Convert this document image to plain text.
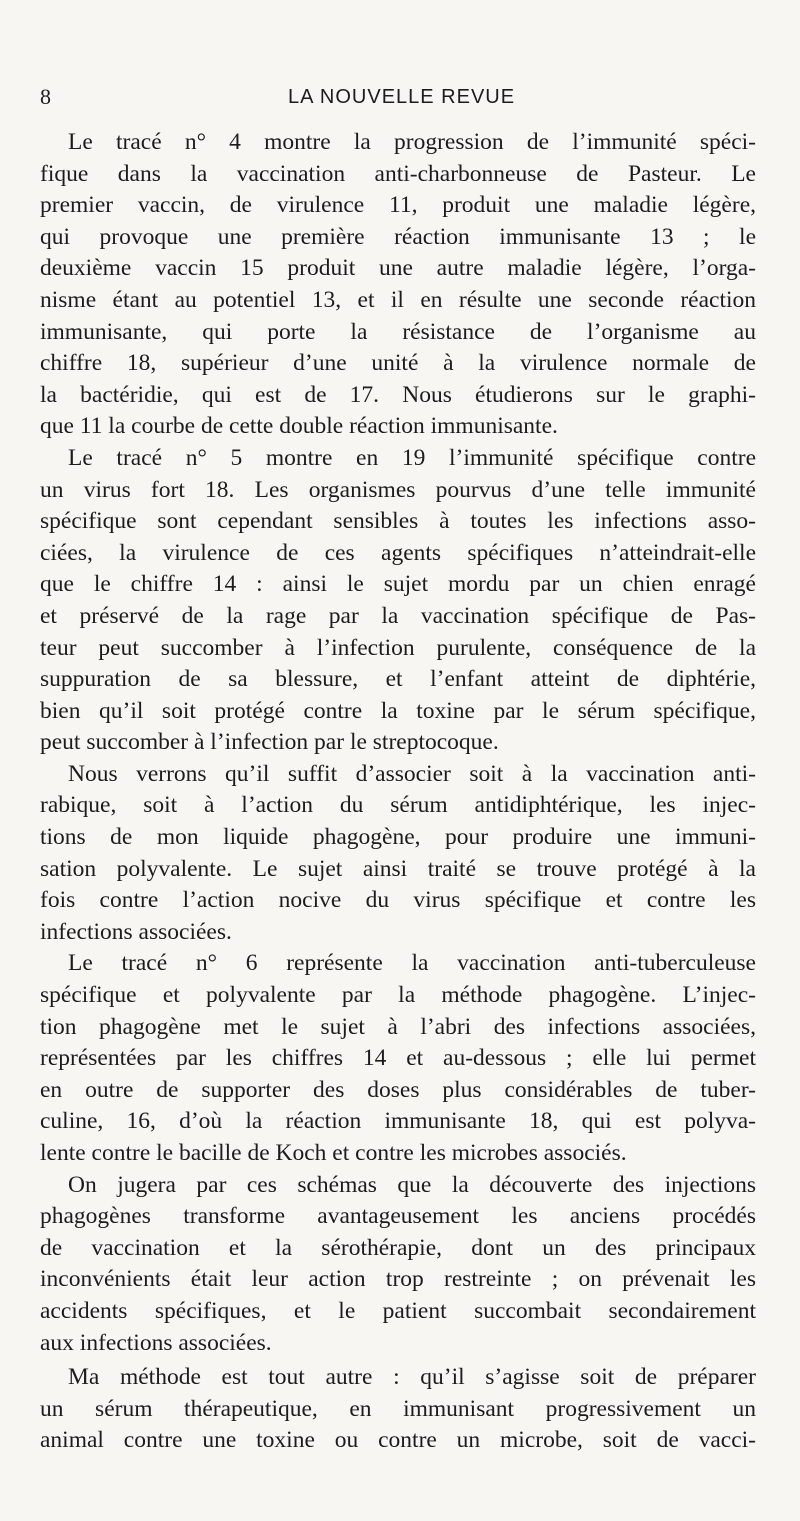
8	LA NOUVELLE REVUE
Le tracé n° 4 montre la progression de l’immunité spéci-
fique dans la vaccination anti-charbonneuse de Pasteur. Le
premier vaccin, de virulence 11, produit une maladie légère,
qui provoque une première réaction immunisante 13 ; le
deuxième vaccin 15 produit une autre maladie légère, l’orga-
nisme étant au potentiel 13, et il en résulte une seconde réaction
immunisante, qui porte la résistance de l’organisme au
chiffre 18, supérieur d’une unité à la virulence normale de
la bactéridie, qui est de 17. Nous étudierons sur le graphi-
que 11 la courbe de cette double réaction immunisante.
Le tracé n° 5 montre en 19 l’immunité spécifique contre
un virus fort 18. Les organismes pourvus d’une telle immunité
spécifique sont cependant sensibles à toutes les infections asso-
ciées, la virulence de ces agents spécifiques n’atteindrait-elle
que le chiffre 14 : ainsi le sujet mordu par un chien enragé
et préservé de la rage par la vaccination spécifique de Pas-
teur peut succomber à l’infection purulente, conséquence de la
suppuration de sa blessure, et l’enfant atteint de diphtérie,
bien qu’il soit protégé contre la toxine par le sérum spécifique,
peut succomber à l’infection par le streptocoque.
Nous verrons qu’il suffit d’associer soit à la vaccination anti-
rabique, soit à l’action du sérum antidiphtérique, les injec-
tions de mon liquide phagogène, pour produire une immuni-
sation polyvalente. Le sujet ainsi traité se trouve protégé à la
fois contre l’action nocive du virus spécifique et contre les
infections associées.
Le tracé n° 6 représente la vaccination anti-tuberculeuse
spécifique et polyvalente par la méthode phagogène. L’injec-
tion phagogène met le sujet à l’abri des infections associées,
représentées par les chiffres 14 et au-dessous ; elle lui permet
en outre de supporter des doses plus considérables de tuber-
culine, 16, d’où la réaction immunisante 18, qui est polyva-
lente contre le bacille de Koch et contre les microbes associés.
On jugera par ces schémas que la découverte des injections
phagogènes transforme avantageusement les anciens procédés
de vaccination et la sérothérapie, dont un des principaux
inconvénients était leur action trop restreinte ; on prévenait les
accidents spécifiques, et le patient succombait secondairement
aux infections associées.
Ma méthode est tout autre : qu’il s’agisse soit de préparer
un sérum thérapeutique, en immunisant progressivement un
animal contre une toxine ou contre un microbe, soit de vacci-
